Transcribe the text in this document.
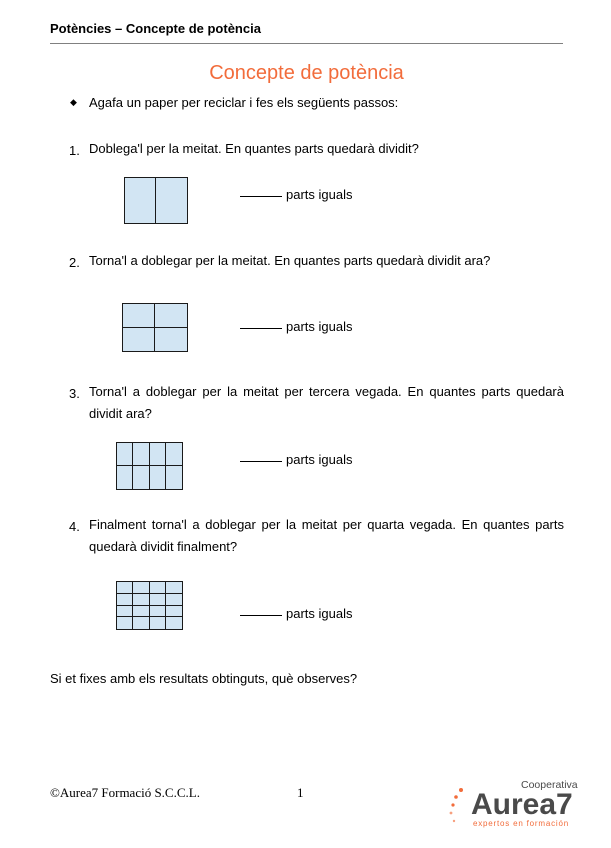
Potències – Concepte de potència
Concepte de potència
◆ Agafa un paper per reciclar i fes els següents passos:
1. Doblega'l per la meitat. En quantes parts quedarà dividit?
parts iguals
2. Torna'l a doblegar per la meitat. En quantes parts quedarà dividit ara?
parts iguals
3. Torna'l a doblegar per la meitat per tercera vegada. En quantes parts quedarà dividit ara?
parts iguals
4. Finalment torna'l a doblegar per la meitat per quarta vegada. En quantes parts quedarà dividit finalment?
parts iguals
Si et fixes amb els resultats obtinguts, què observes?
©Aurea7 Formació S.C.C.L.	1	Cooperativa
Aurea7
expertos en formación
